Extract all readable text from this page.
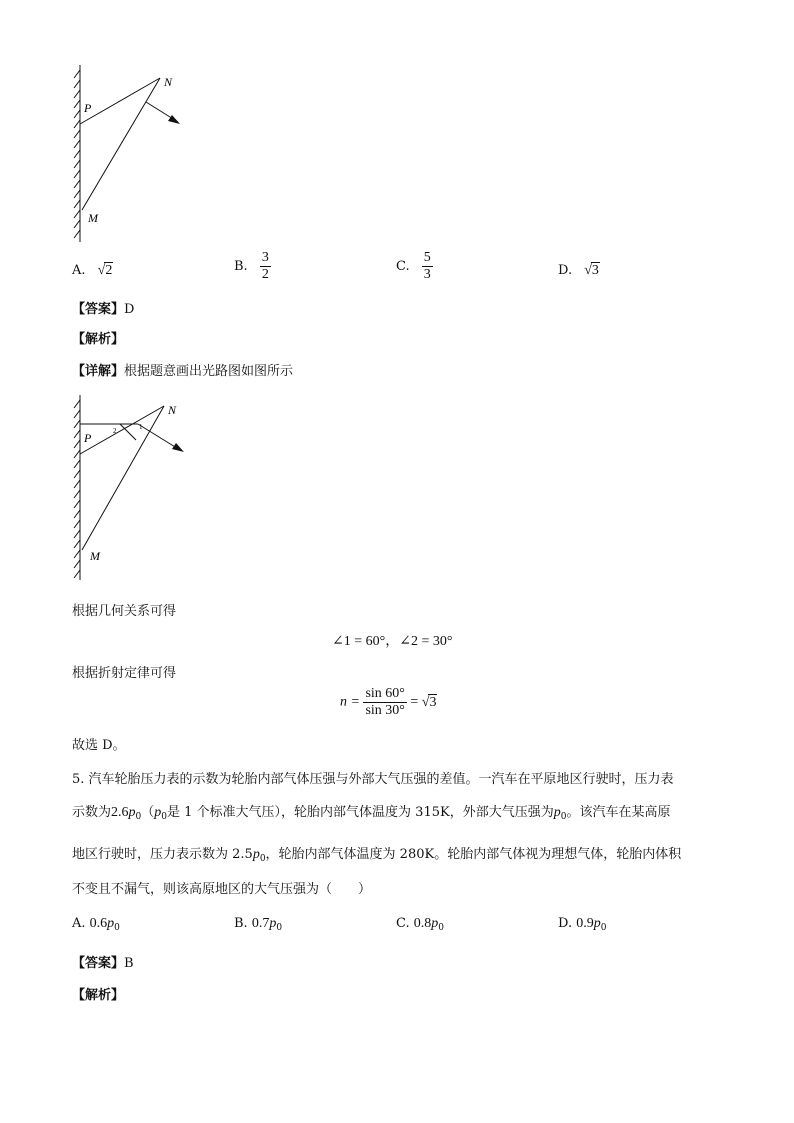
N
P
M
A. √2	B. $\frac{3}{2}$	C. $\frac{5}{3}$	D. √3
【答案】D
【解析】
【详解】根据题意画出光路图如图所示
N
P
M
1
2
根据几何关系可得
∠1 = 60°，∠2 = 30°
根据折射定律可得
$n = \frac{\sin 60^\circ}{\sin 30^\circ} = √3$
故选 D。
5. 汽车轮胎压力表的示数为轮胎内部气体压强与外部大气压强的差值。一汽车在平原地区行驶时，压力表
示数为$2.6p_0(p_0$是 1 个标准大气压），轮胎内部气体温度为 315K，外部大气压强为$p_0$。该汽车在某高原
地区行驶时，压力表示数为 $2.5p_0$，轮胎内部气体温度为 280K。轮胎内部气体视为理想气体，轮胎内体积
不变且不漏气，则该高原地区的大气压强为（　　）
A. $0.6p_0$	B. $0.7p_0$	C. $0.8p_0$	D. $0.9p_0$
【答案】B
【解析】
